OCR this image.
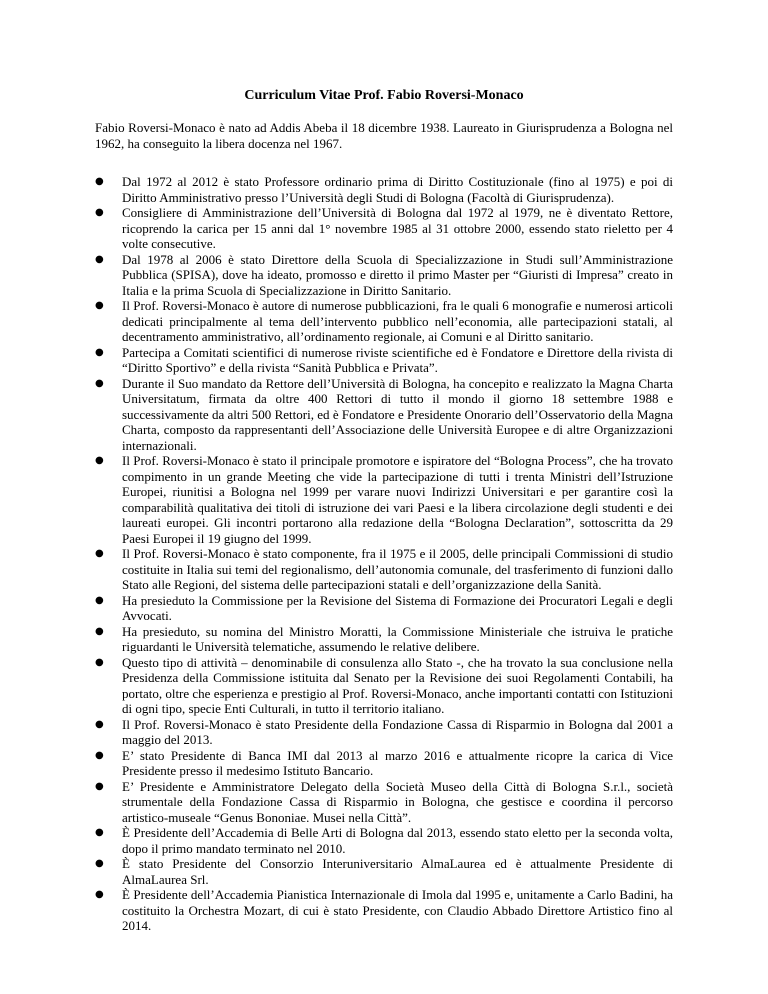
Curriculum Vitae Prof. Fabio Roversi-Monaco

Fabio Roversi-Monaco è nato ad Addis Abeba il 18 dicembre 1938. Laureato in Giurisprudenza a Bologna nel 1962, ha conseguito la libera docenza nel 1967.

●	Dal 1972 al 2012 è stato Professore ordinario prima di Diritto Costituzionale (fino al 1975) e poi di Diritto Amministrativo presso l’Università degli Studi di Bologna (Facoltà di Giurisprudenza).
●	Consigliere di Amministrazione dell’Università di Bologna dal 1972 al 1979, ne è diventato Rettore, ricoprendo la carica per 15 anni dal 1° novembre 1985 al 31 ottobre 2000, essendo stato rieletto per 4 volte consecutive.
●	Dal 1978 al 2006 è stato Direttore della Scuola di Specializzazione in Studi sull’Amministrazione Pubblica (SPISA), dove ha ideato, promosso e diretto il primo Master per “Giuristi di Impresa” creato in Italia e la prima Scuola di Specializzazione in Diritto Sanitario.
●	Il Prof. Roversi-Monaco è autore di numerose pubblicazioni, fra le quali 6 monografie e numerosi articoli dedicati principalmente al tema dell’intervento pubblico nell’economia, alle partecipazioni statali, al decentramento amministrativo, all’ordinamento regionale, ai Comuni e al Diritto sanitario.
●	Partecipa a Comitati scientifici di numerose riviste scientifiche ed è Fondatore e Direttore della rivista di “Diritto Sportivo” e della rivista “Sanità Pubblica e Privata”.
●	Durante il Suo mandato da Rettore dell’Università di Bologna, ha concepito e realizzato la Magna Charta Universitatum, firmata da oltre 400 Rettori di tutto il mondo il giorno 18 settembre 1988 e successivamente da altri 500 Rettori, ed è Fondatore e Presidente Onorario dell’Osservatorio della Magna Charta, composto da rappresentanti dell’Associazione delle Università Europee e di altre Organizzazioni internazionali.
●	Il Prof. Roversi-Monaco è stato il principale promotore e ispiratore del “Bologna Process”, che ha trovato compimento in un grande Meeting che vide la partecipazione di tutti i trenta Ministri dell’Istruzione Europei, riunitisi a Bologna nel 1999 per varare nuovi Indirizzi Universitari e per garantire così la comparabilità qualitativa dei titoli di istruzione dei vari Paesi e la libera circolazione degli studenti e dei laureati europei. Gli incontri portarono alla redazione della “Bologna Declaration”, sottoscritta da 29 Paesi Europei il 19 giugno del 1999.
●	Il Prof. Roversi-Monaco è stato componente, fra il 1975 e il 2005, delle principali Commissioni di studio costituite in Italia sui temi del regionalismo, dell’autonomia comunale, del trasferimento di funzioni dallo Stato alle Regioni, del sistema delle partecipazioni statali e dell’organizzazione della Sanità.
●	Ha presieduto la Commissione per la Revisione del Sistema di Formazione dei Procuratori Legali e degli Avvocati.
●	Ha presieduto, su nomina del Ministro Moratti, la Commissione Ministeriale che istruiva le pratiche riguardanti le Università telematiche, assumendo le relative delibere.
●	Questo tipo di attività – denominabile di consulenza allo Stato -, che ha trovato la sua conclusione nella Presidenza della Commissione istituita dal Senato per la Revisione dei suoi Regolamenti Contabili, ha portato, oltre che esperienza e prestigio al Prof. Roversi-Monaco, anche importanti contatti con Istituzioni di ogni tipo, specie Enti Culturali, in tutto il territorio italiano.
●	Il Prof. Roversi-Monaco è stato Presidente della Fondazione Cassa di Risparmio in Bologna dal 2001 a maggio del 2013.
●	E’ stato Presidente di Banca IMI dal 2013 al marzo 2016 e attualmente ricopre la carica di Vice Presidente presso il medesimo Istituto Bancario.
●	E’ Presidente e Amministratore Delegato della Società Museo della Città di Bologna S.r.l., società strumentale della Fondazione Cassa di Risparmio in Bologna, che gestisce e coordina il percorso artistico-museale “Genus Bononiae. Musei nella Città”.
●	È Presidente dell’Accademia di Belle Arti di Bologna dal 2013, essendo stato eletto per la seconda volta, dopo il primo mandato terminato nel 2010.
●	È stato Presidente del Consorzio Interuniversitario AlmaLaurea ed è attualmente Presidente di AlmaLaurea Srl.
●	È Presidente dell’Accademia Pianistica Internazionale di Imola dal 1995 e, unitamente a Carlo Badini, ha costituito la Orchestra Mozart, di cui è stato Presidente, con Claudio Abbado Direttore Artistico fino al 2014.
